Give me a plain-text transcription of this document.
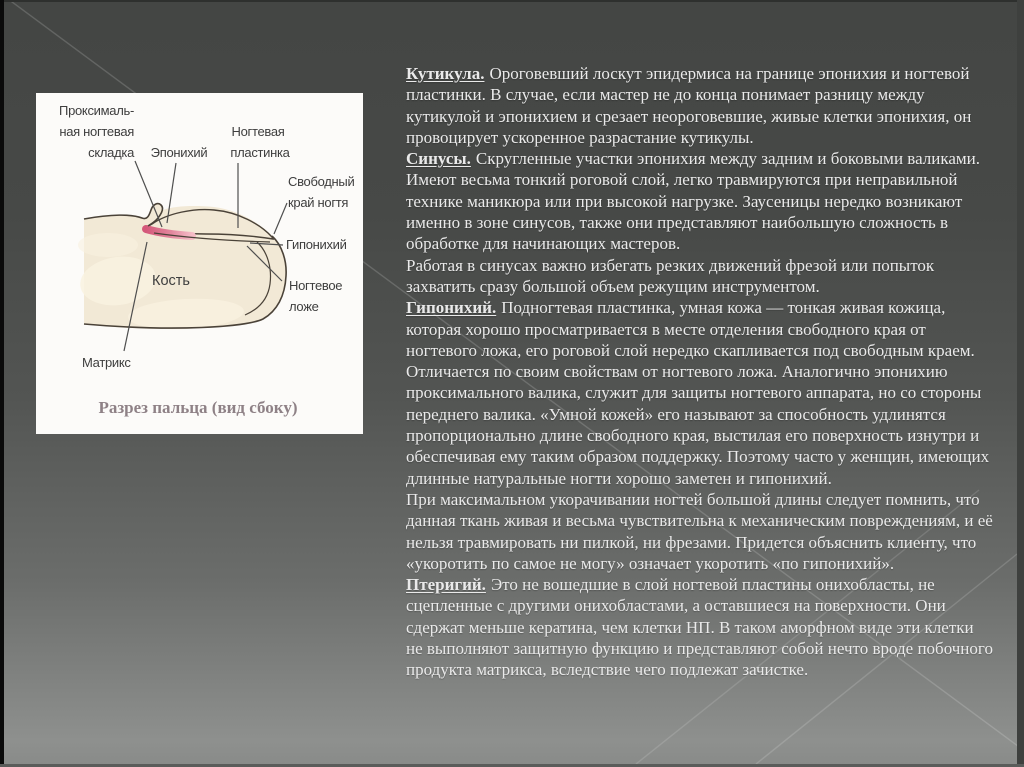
Проксималь-
ная ногтевая
складка Эпонихий
Ногтевая
пластинка
Свободный
край ногтя
Гипонихий
Кость	Ногтевое
ложе
Матрикс
Разрез пальца (вид сбоку)

Кутикула. Ороговевший лоскут эпидермиса на границе эпонихия и ногтевой пластинки. В случае, если мастер не до конца понимает разницу между кутикулой и эпонихием и срезает неороговевшие, живые клетки эпонихия, он провоцирует ускоренное разрастание кутикулы.

Синусы. Скругленные участки эпонихия между задним и боковыми валиками. Имеют весьма тонкий роговой слой, легко травмируются при неправильной технике маникюра или при высокой нагрузке. Заусеницы нередко возникают именно в зоне синусов, также они представляют наибольшую сложность в обработке для начинающих мастеров.

Работая в синусах важно избегать резких движений фрезой или попыток захватить сразу большой объем режущим инструментом.

Гипонихий. Подногтевая пластинка, умная кожа — тонкая живая кожица, которая хорошо просматривается в месте отделения свободного края от ногтевого ложа, его роговой слой нередко скапливается под свободным краем. Отличается по своим свойствам от ногтевого ложа. Аналогично эпонихию проксимального валика, служит для защиты ногтевого аппарата, но со стороны переднего валика. «Умной кожей» его называют за способность удлинятся пропорционально длине свободного края, выстилая его поверхность изнутри и обеспечивая ему таким образом поддержку. Поэтому часто у женщин, имеющих длинные натуральные ногти хорошо заметен и гипонихий.

При максимальном укорачивании ногтей большой длины следует помнить, что данная ткань живая и весьма чувствительна к механическим повреждениям, и её нельзя травмировать ни пилкой, ни фрезами. Придется объяснить клиенту, что «укоротить по самое не могу» означает укоротить «по гипонихий».

Птеригий. Это не вошедшие в слой ногтевой пластины онихобласты, не сцепленные с другими онихобластами, а оставшиеся на поверхности. Они сдержат меньше кератина, чем клетки НП. В таком аморфном виде эти клетки не выполняют защитную функцию и представляют собой нечто вроде побочного продукта матрикса, вследствие чего подлежат зачистке.
